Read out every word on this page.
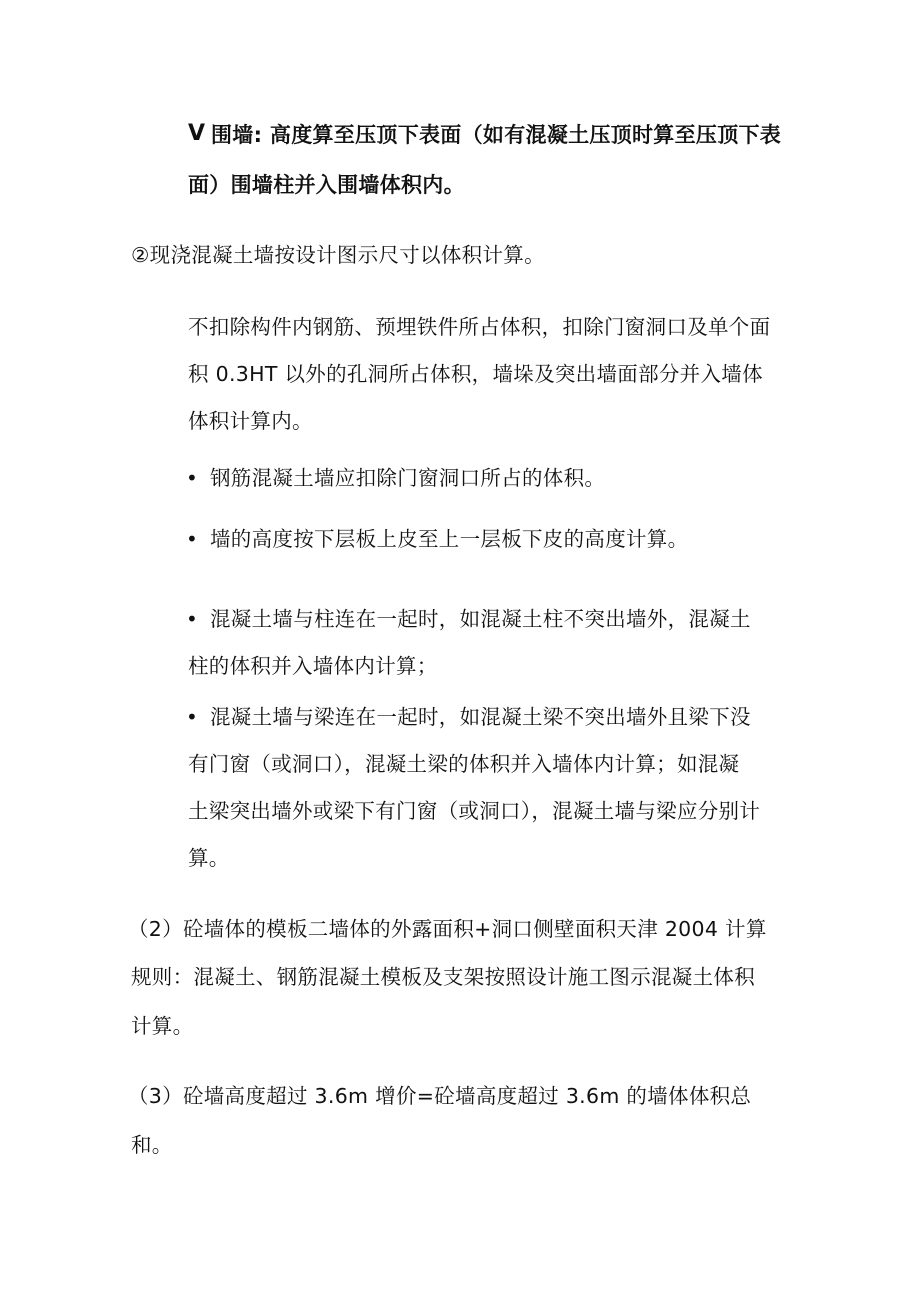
V 围墙: 高度算至压顶下表面（如有混凝土压顶时算至压顶下表
面）围墙柱并入围墙体积内。
②现浇混凝土墙按设计图示尺寸以体积计算。
不扣除构件内钢筋、预埋铁件所占体积，扣除门窗洞口及单个面
积 0.3HT 以外的孔洞所占体积，墙垛及突出墙面部分并入墙体
体积计算内。
• 钢筋混凝土墙应扣除门窗洞口所占的体积。
• 墙的高度按下层板上皮至上一层板下皮的高度计算。
• 混凝土墙与柱连在一起时，如混凝土柱不突出墙外，混凝土
柱的体积并入墙体内计算；
• 混凝土墙与梁连在一起时，如混凝土梁不突出墙外且梁下没
有门窗（或洞口），混凝土梁的体积并入墙体内计算；如混凝
土梁突出墙外或梁下有门窗（或洞口），混凝土墙与梁应分别计
算。
（2）砼墙体的模板二墙体的外露面积+洞口侧壁面积天津 2004 计算
规则：混凝土、钢筋混凝土模板及支架按照设计施工图示混凝土体积
计算。
（3）砼墙高度超过 3.6m 增价=砼墙高度超过 3.6m 的墙体体积总
和。
